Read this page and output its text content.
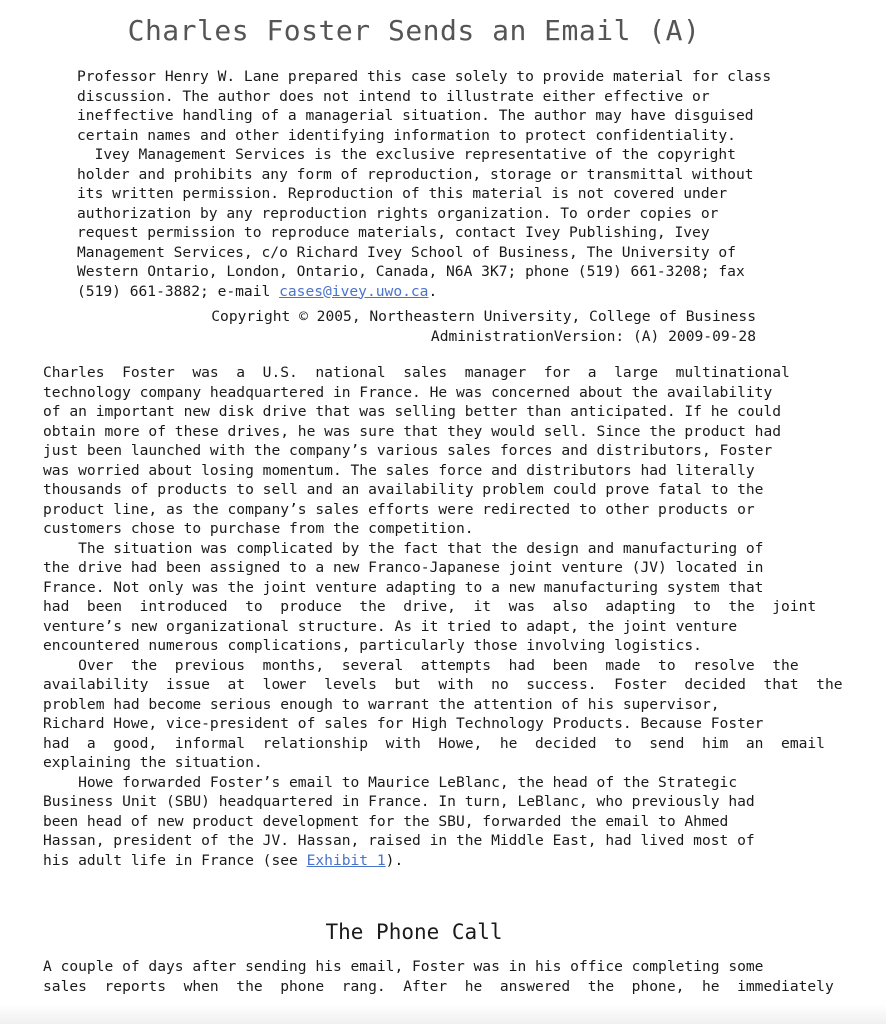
Charles Foster Sends an Email (A)
Professor Henry W. Lane prepared this case solely to provide material for class
discussion. The author does not intend to illustrate either effective or
ineffective handling of a managerial situation. The author may have disguised
certain names and other identifying information to protect confidentiality.
Ivey Management Services is the exclusive representative of the copyright
holder and prohibits any form of reproduction, storage or transmittal without
its written permission. Reproduction of this material is not covered under
authorization by any reproduction rights organization. To order copies or
request permission to reproduce materials, contact Ivey Publishing, Ivey
Management Services, c/o Richard Ivey School of Business, The University of
Western Ontario, London, Ontario, Canada, N6A 3K7; phone (519) 661-3208; fax
(519) 661-3882; e-mail cases@ivey.uwo.ca.
Copyright © 2005, Northeastern University, College of Business
AdministrationVersion: (A) 2009-09-28
Charles  Foster  was  a  U.S.  national  sales  manager  for  a  large  multinational
technology company headquartered in France. He was concerned about the availability
of an important new disk drive that was selling better than anticipated. If he could
obtain more of these drives, he was sure that they would sell. Since the product had
just been launched with the company’s various sales forces and distributors, Foster
was worried about losing momentum. The sales force and distributors had literally
thousands of products to sell and an availability problem could prove fatal to the
product line, as the company’s sales efforts were redirected to other products or
customers chose to purchase from the competition.
The situation was complicated by the fact that the design and manufacturing of
the drive had been assigned to a new Franco-Japanese joint venture (JV) located in
France. Not only was the joint venture adapting to a new manufacturing system that
had  been  introduced  to  produce  the  drive,  it  was  also  adapting  to  the  joint
venture’s new organizational structure. As it tried to adapt, the joint venture
encountered numerous complications, particularly those involving logistics.
Over  the  previous  months,  several  attempts  had  been  made  to  resolve  the
availability  issue  at  lower  levels  but  with  no  success.  Foster  decided  that  the
problem had become serious enough to warrant the attention of his supervisor,
Richard Howe, vice-president of sales for High Technology Products. Because Foster
had  a  good,  informal  relationship  with  Howe,  he  decided  to  send  him  an  email
explaining the situation.
Howe forwarded Foster’s email to Maurice LeBlanc, the head of the Strategic
Business Unit (SBU) headquartered in France. In turn, LeBlanc, who previously had
been head of new product development for the SBU, forwarded the email to Ahmed
Hassan, president of the JV. Hassan, raised in the Middle East, had lived most of
his adult life in France (see Exhibit 1).
The Phone Call
A couple of days after sending his email, Foster was in his office completing some
sales  reports  when  the  phone  rang.  After  he  answered  the  phone,  he  immediately
